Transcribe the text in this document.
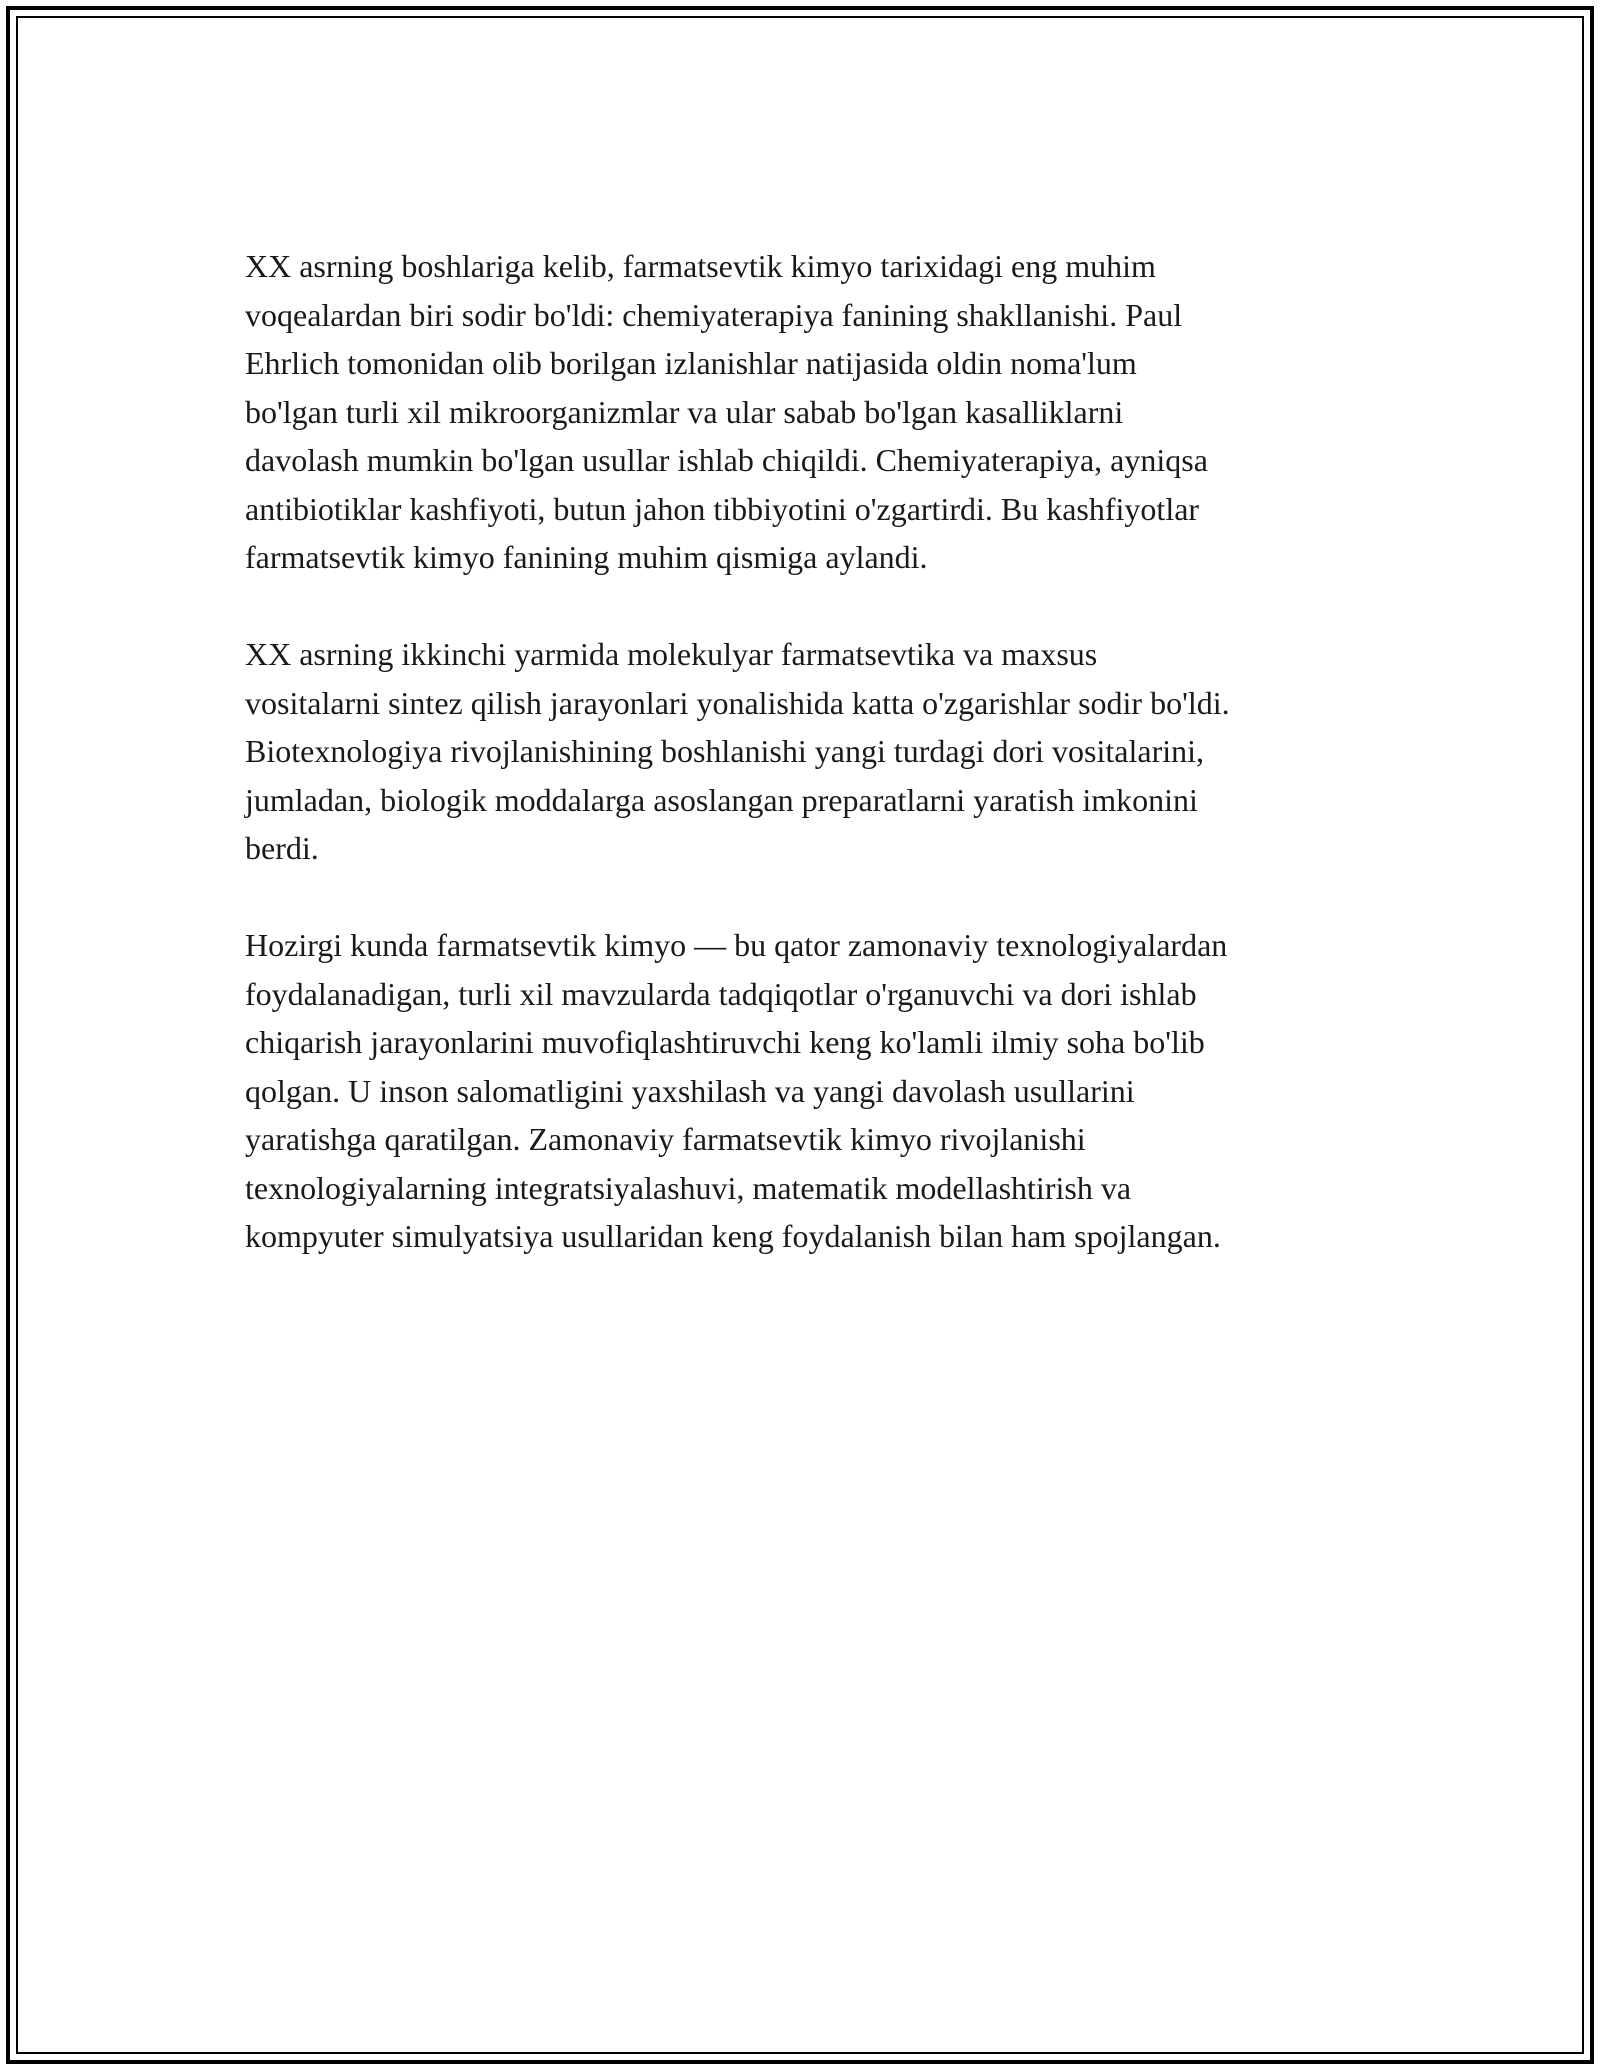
XX asrning boshlariga kelib, farmatsevtik kimyo tarixidagi eng muhim
voqealardan biri sodir bo'ldi: chemiyaterapiya fanining shakllanishi. Paul
Ehrlich tomonidan olib borilgan izlanishlar natijasida oldin noma'lum
bo'lgan turli xil mikroorganizmlar va ular sabab bo'lgan kasalliklarni
davolash mumkin bo'lgan usullar ishlab chiqildi. Chemiyaterapiya, ayniqsa
antibiotiklar kashfiyoti, butun jahon tibbiyotini o'zgartirdi. Bu kashfiyotlar
farmatsevtik kimyo fanining muhim qismiga aylandi.

XX asrning ikkinchi yarmida molekulyar farmatsevtika va maxsus
vositalarni sintez qilish jarayonlari yonalishida katta o'zgarishlar sodir bo'ldi.
Biotexnologiya rivojlanishining boshlanishi yangi turdagi dori vositalarini,
jumladan, biologik moddalarga asoslangan preparatlarni yaratish imkonini
berdi.

Hozirgi kunda farmatsevtik kimyo — bu qator zamonaviy texnologiyalardan
foydalanadigan, turli xil mavzularda tadqiqotlar o'rganuvchi va dori ishlab
chiqarish jarayonlarini muvofiqlashtiruvchi keng ko'lamli ilmiy soha bo'lib
qolgan. U inson salomatligini yaxshilash va yangi davolash usullarini
yaratishga qaratilgan. Zamonaviy farmatsevtik kimyo rivojlanishi
texnologiyalarning integratsiyalashuvi, matematik modellashtirish va
kompyuter simulyatsiya usullaridan keng foydalanish bilan ham spojlangan.
